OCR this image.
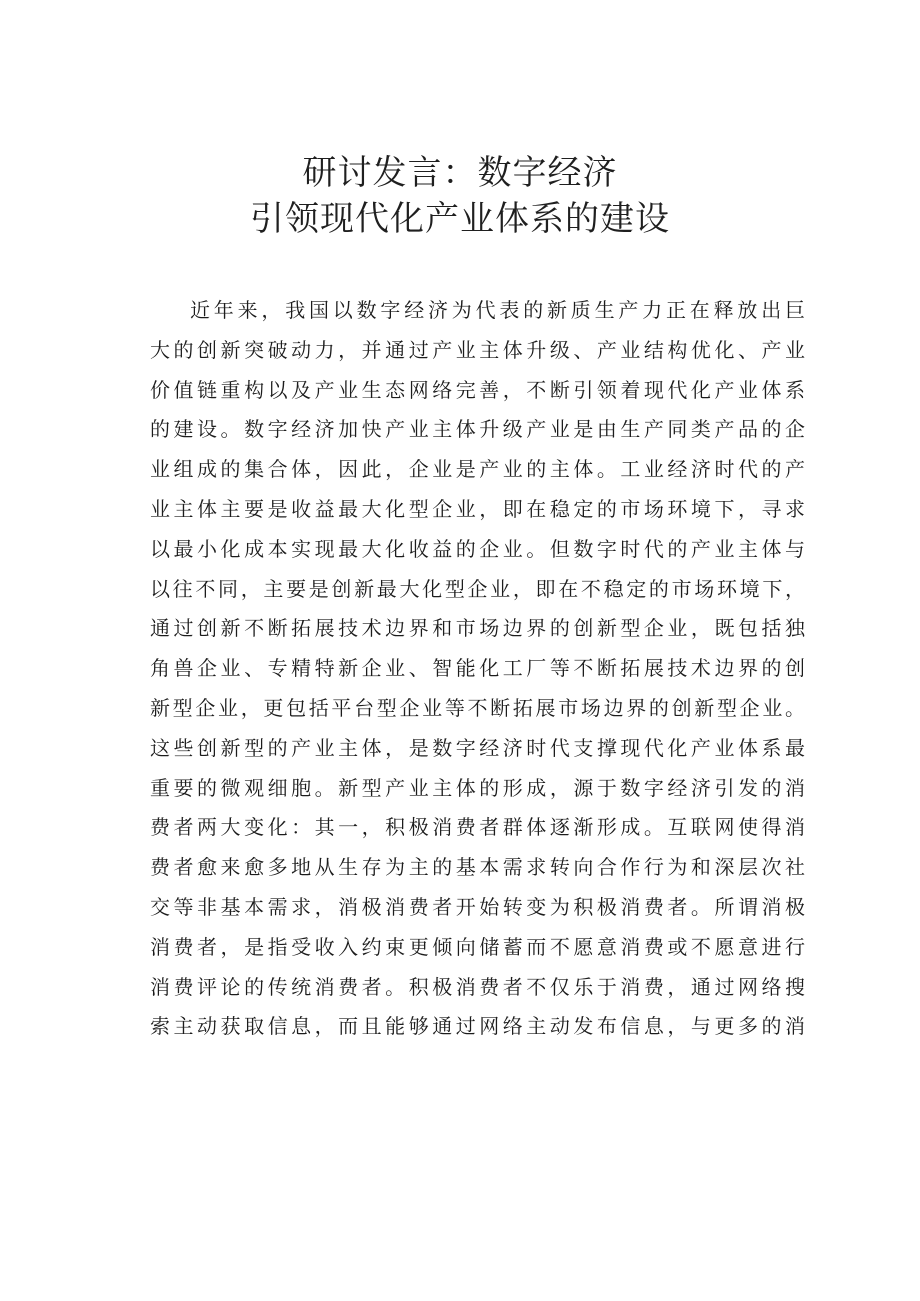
研讨发言：数字经济
引领现代化产业体系的建设
近年来，我国以数字经济为代表的新质生产力正在释放出巨
大的创新突破动力，并通过产业主体升级、产业结构优化、产业
价值链重构以及产业生态网络完善，不断引领着现代化产业体系
的建设。数字经济加快产业主体升级产业是由生产同类产品的企
业组成的集合体，因此，企业是产业的主体。工业经济时代的产
业主体主要是收益最大化型企业，即在稳定的市场环境下，寻求
以最小化成本实现最大化收益的企业。但数字时代的产业主体与
以往不同，主要是创新最大化型企业，即在不稳定的市场环境下，
通过创新不断拓展技术边界和市场边界的创新型企业，既包括独
角兽企业、专精特新企业、智能化工厂等不断拓展技术边界的创
新型企业，更包括平台型企业等不断拓展市场边界的创新型企业。
这些创新型的产业主体，是数字经济时代支撑现代化产业体系最
重要的微观细胞。新型产业主体的形成，源于数字经济引发的消
费者两大变化：其一，积极消费者群体逐渐形成。互联网使得消
费者愈来愈多地从生存为主的基本需求转向合作行为和深层次社
交等非基本需求，消极消费者开始转变为积极消费者。所谓消极
消费者，是指受收入约束更倾向储蓄而不愿意消费或不愿意进行
消费评论的传统消费者。积极消费者不仅乐于消费，通过网络搜
索主动获取信息，而且能够通过网络主动发布信息，与更多的消
